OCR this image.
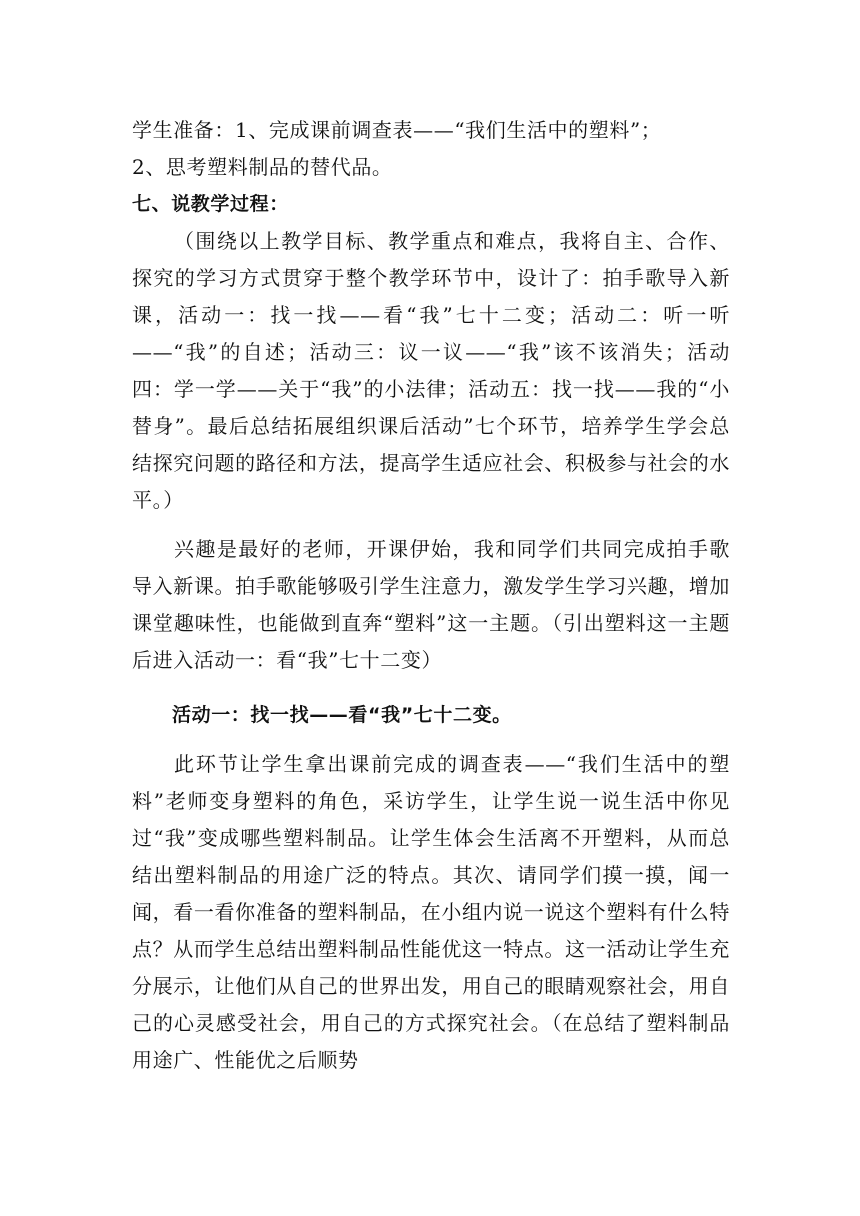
学生准备：1、完成课前调查表——“我们生活中的塑料”；

2、思考塑料制品的替代品。

七、说教学过程：

（围绕以上教学目标、教学重点和难点，我将自主、合作、探究的学习方式贯穿于整个教学环节中，设计了：拍手歌导入新课，活动一：找一找——看“我”七十二变；活动二：听一听——“我”的自述；活动三：议一议——“我”该不该消失；活动四：学一学——关于“我”的小法律；活动五：找一找——我的“小替身”。最后总结拓展组织课后活动”七个环节，培养学生学会总结探究问题的路径和方法，提高学生适应社会、积极参与社会的水平。）

兴趣是最好的老师，开课伊始，我和同学们共同完成拍手歌导入新课。拍手歌能够吸引学生注意力，激发学生学习兴趣，增加课堂趣味性，也能做到直奔“塑料”这一主题。（引出塑料这一主题后进入活动一：看“我”七十二变）

活动一：找一找——看“我”七十二变。

此环节让学生拿出课前完成的调查表——“我们生活中的塑料”老师变身塑料的角色，采访学生，让学生说一说生活中你见过“我”变成哪些塑料制品。让学生体会生活离不开塑料，从而总结出塑料制品的用途广泛的特点。其次、请同学们摸一摸，闻一闻，看一看你准备的塑料制品，在小组内说一说这个塑料有什么特点？从而学生总结出塑料制品性能优这一特点。这一活动让学生充分展示，让他们从自己的世界出发，用自己的眼睛观察社会，用自己的心灵感受社会，用自己的方式探究社会。（在总结了塑料制品用途广、性能优之后顺势
